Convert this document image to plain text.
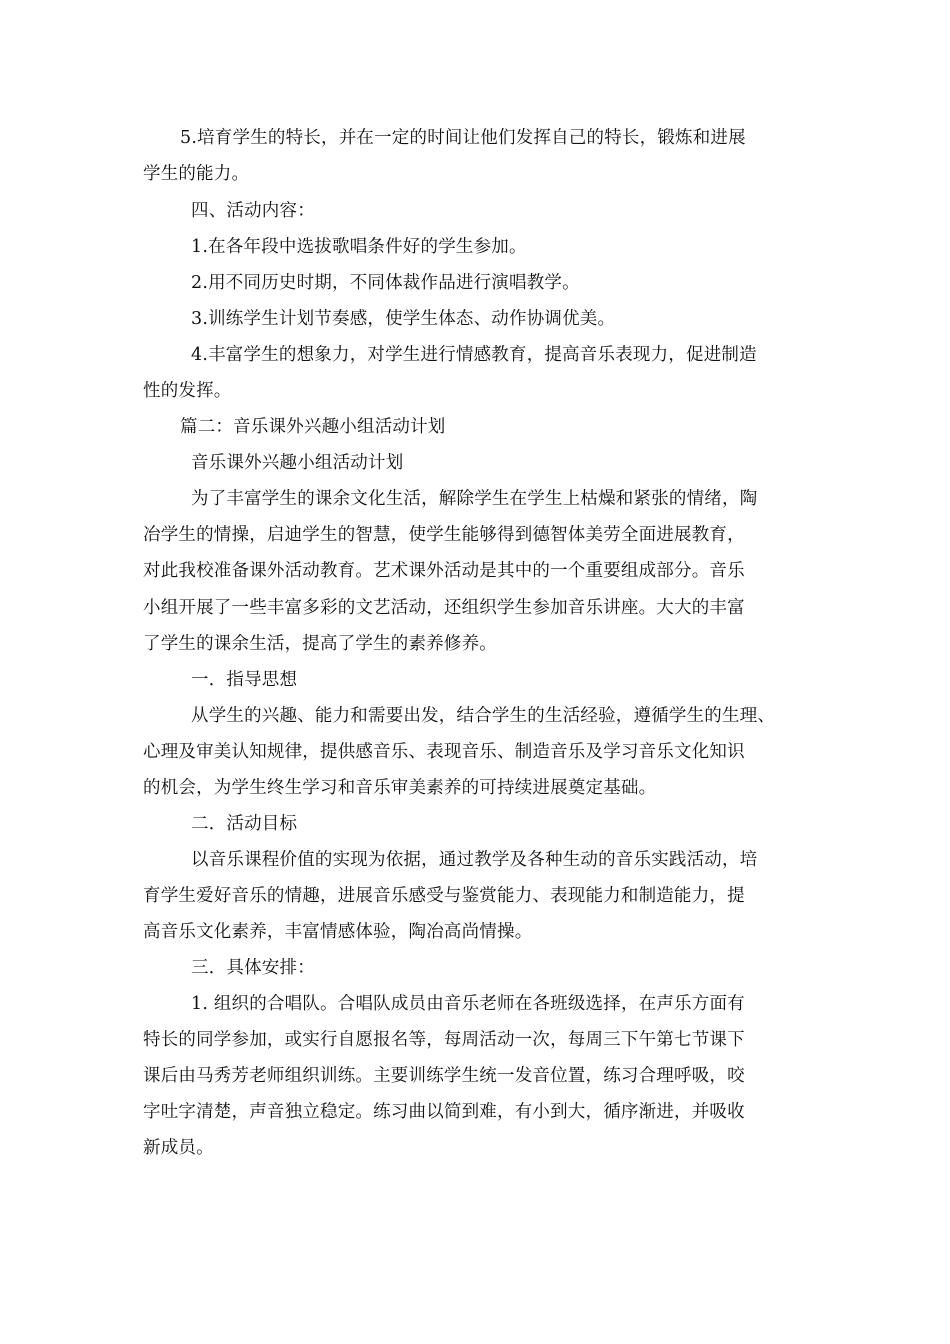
5.培育学生的特长，并在一定的时间让他们发挥自己的特长，锻炼和进展
学生的能力。
四、活动内容：
1.在各年段中选拔歌唱条件好的学生参加。
2.用不同历史时期，不同体裁作品进行演唱教学。
3.训练学生计划节奏感，使学生体态、动作协调优美。
4.丰富学生的想象力，对学生进行情感教育，提高音乐表现力，促进制造
性的发挥。
篇二：音乐课外兴趣小组活动计划
音乐课外兴趣小组活动计划
为了丰富学生的课余文化生活，解除学生在学生上枯燥和紧张的情绪，陶
冶学生的情操，启迪学生的智慧，使学生能够得到德智体美劳全面进展教育，
对此我校准备课外活动教育。艺术课外活动是其中的一个重要组成部分。音乐
小组开展了一些丰富多彩的文艺活动，还组织学生参加音乐讲座。大大的丰富
了学生的课余生活，提高了学生的素养修养。
一．指导思想
从学生的兴趣、能力和需要出发，结合学生的生活经验，遵循学生的生理、
心理及审美认知规律，提供感音乐、表现音乐、制造音乐及学习音乐文化知识
的机会，为学生终生学习和音乐审美素养的可持续进展奠定基础。
二．活动目标
以音乐课程价值的实现为依据，通过教学及各种生动的音乐实践活动，培
育学生爱好音乐的情趣，进展音乐感受与鉴赏能力、表现能力和制造能力，提
高音乐文化素养，丰富情感体验，陶冶高尚情操。
三．具体安排：
1. 组织的合唱队。合唱队成员由音乐老师在各班级选择，在声乐方面有
特长的同学参加，或实行自愿报名等，每周活动一次，每周三下午第七节课下
课后由马秀芳老师组织训练。主要训练学生统一发音位置，练习合理呼吸，咬
字吐字清楚，声音独立稳定。练习曲以简到难，有小到大，循序渐进，并吸收
新成员。
